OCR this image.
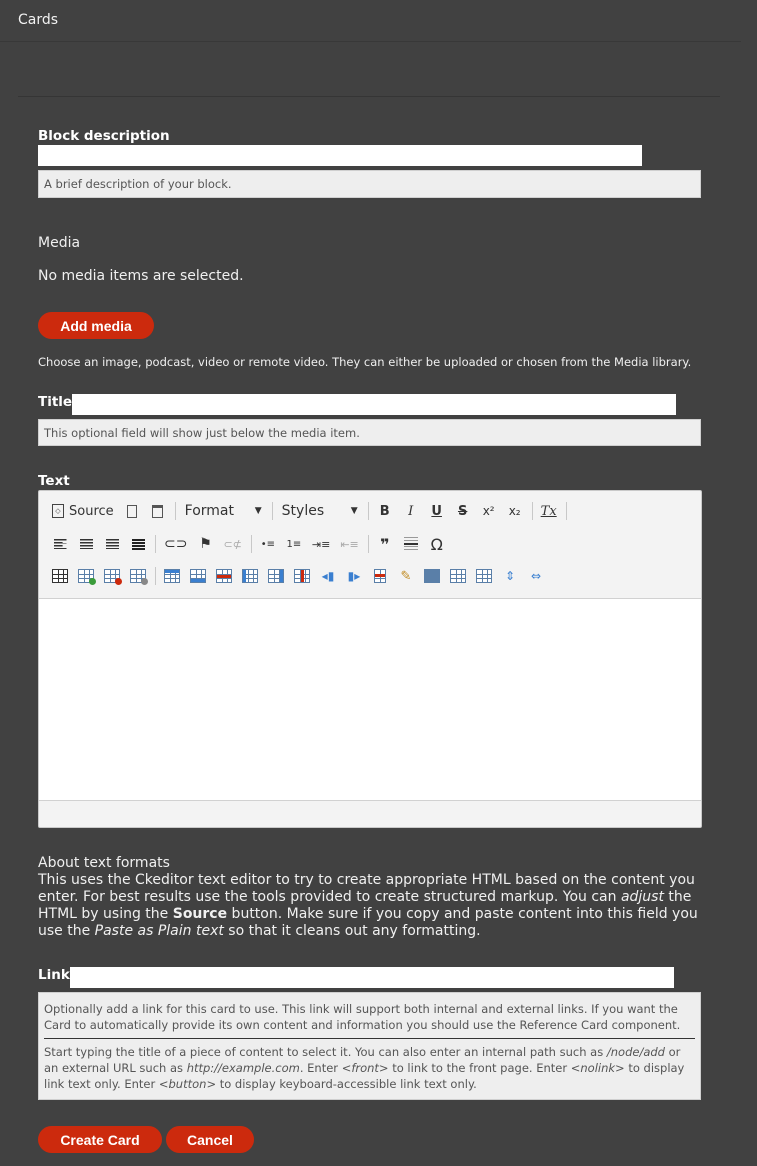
Cards
Block description
A brief description of your block.
Media
No media items are selected.
Add media
Choose an image, podcast, video or remote video. They can either be uploaded or chosen from the Media library.
Title
This optional field will show just below the media item.
Text
◇ Source	Format ▼ Styles	▼	B	I	U	S	x²	x₂	Tx
⊂⊃ ⚑ ⊂⊄ •≡ 1≡ ⇥≡ ⇤≡	❞	Ω
◂▮ ▮▸	✎	⇕ ⇔
About text formats
This uses the Ckeditor text editor to try to create appropriate HTML based on the content you enter. For best results use the tools provided to create structured markup. You can adjust the HTML by using the Source button. Make sure if you copy and paste content into this field you use the Paste as Plain text so that it cleans out any formatting.
Link
Optionally add a link for this card to use. This link will support both internal and external links. If you want the Card to automatically provide its own content and information you should use the Reference Card component.
Start typing the title of a piece of content to select it. You can also enter an internal path such as /node/add or an external URL such as http://example.com. Enter <front> to link to the front page. Enter <nolink> to display link text only. Enter <button> to display keyboard-accessible link text only.
Create Card	Cancel
